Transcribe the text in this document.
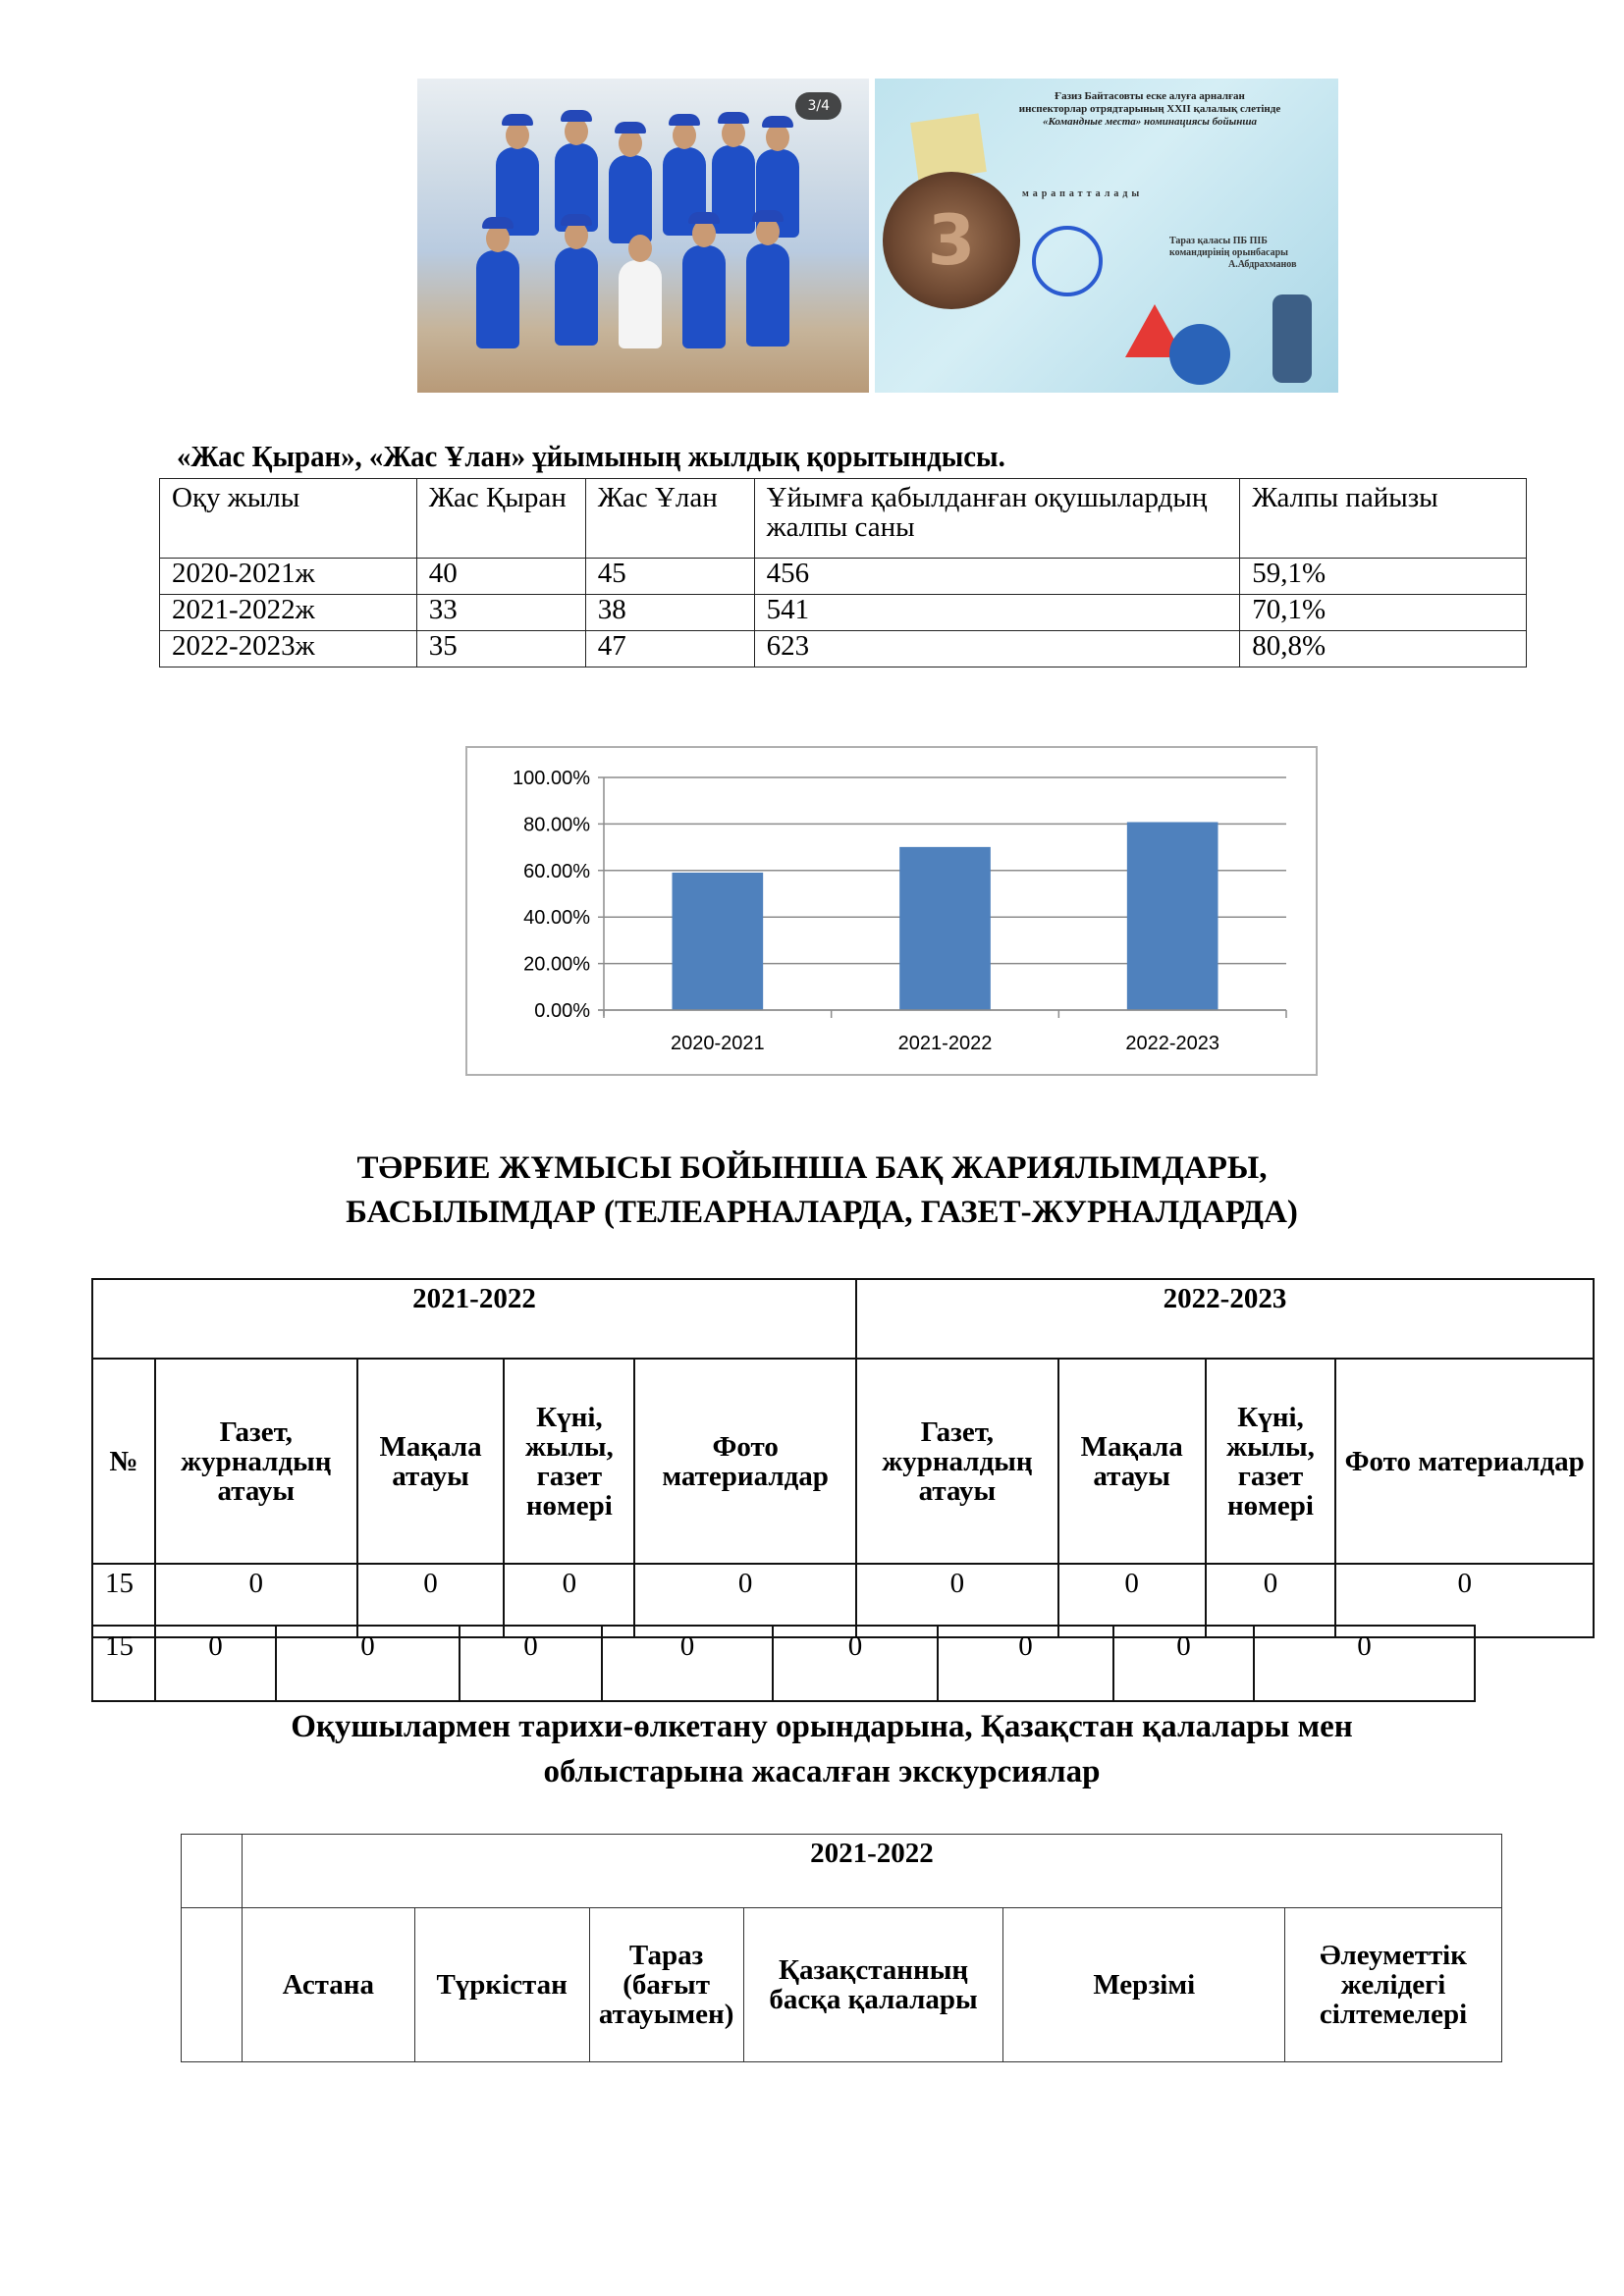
3/4
Ғазиз Байтасовты еске алуға арналған
инспекторлар отрядтарының XXII қалалық слетінде
«Командные места» номинациясы бойынша
марапатталады
Тараз қаласы ПБ ПІБ
командирінің орынбасары
А.Абдрахманов
3
«Жас Қыран», «Жас Ұлан» ұйымының жылдық қорытындысы.
Оқу жылы	Жас Қыран	Жас Ұлан	Ұйымға қабылданған оқушылардың жалпы саны	Жалпы пайызы
2020-2021ж	40	45	456	59,1%
2021-2022ж	33	38	541	70,1%
2022-2023ж	35	47	623	80,8%
0.00%
20.00%
40.00%
60.00%
80.00%
100.00%
2020-2021	2021-2022	2022-2023
ТӘРБИЕ ЖҰМЫСЫ БОЙЫНША БАҚ ЖАРИЯЛЫМДАРЫ,
БАСЫЛЫМДАР (ТЕЛЕАРНАЛАРДА, ГАЗЕТ-ЖУРНАЛДАРДА)
2021-2022					2022-2023			
№	Газет, журналдың атауы	Мақала атауы	Күні, жылы, газет нөмері	Фото материалдар	Газет, журналдың атауы	Мақала атауы	Күні, жылы, газет нөмері	Фото материалдар
15	0	0	0	0	0	0	0	0
15	0	0	0	0	0	0	0	0
Оқушылармен тарихи-өлкетану орындарына, Қазақстан қалалары мен
облыстарына жасалған экскурсиялар
	2021-2022					
	Астана	Түркістан	Тараз (бағыт атауымен)	Қазақстанның басқа қалалары	Мерзімі	Әлеуметтік желідегі сілтемелері
